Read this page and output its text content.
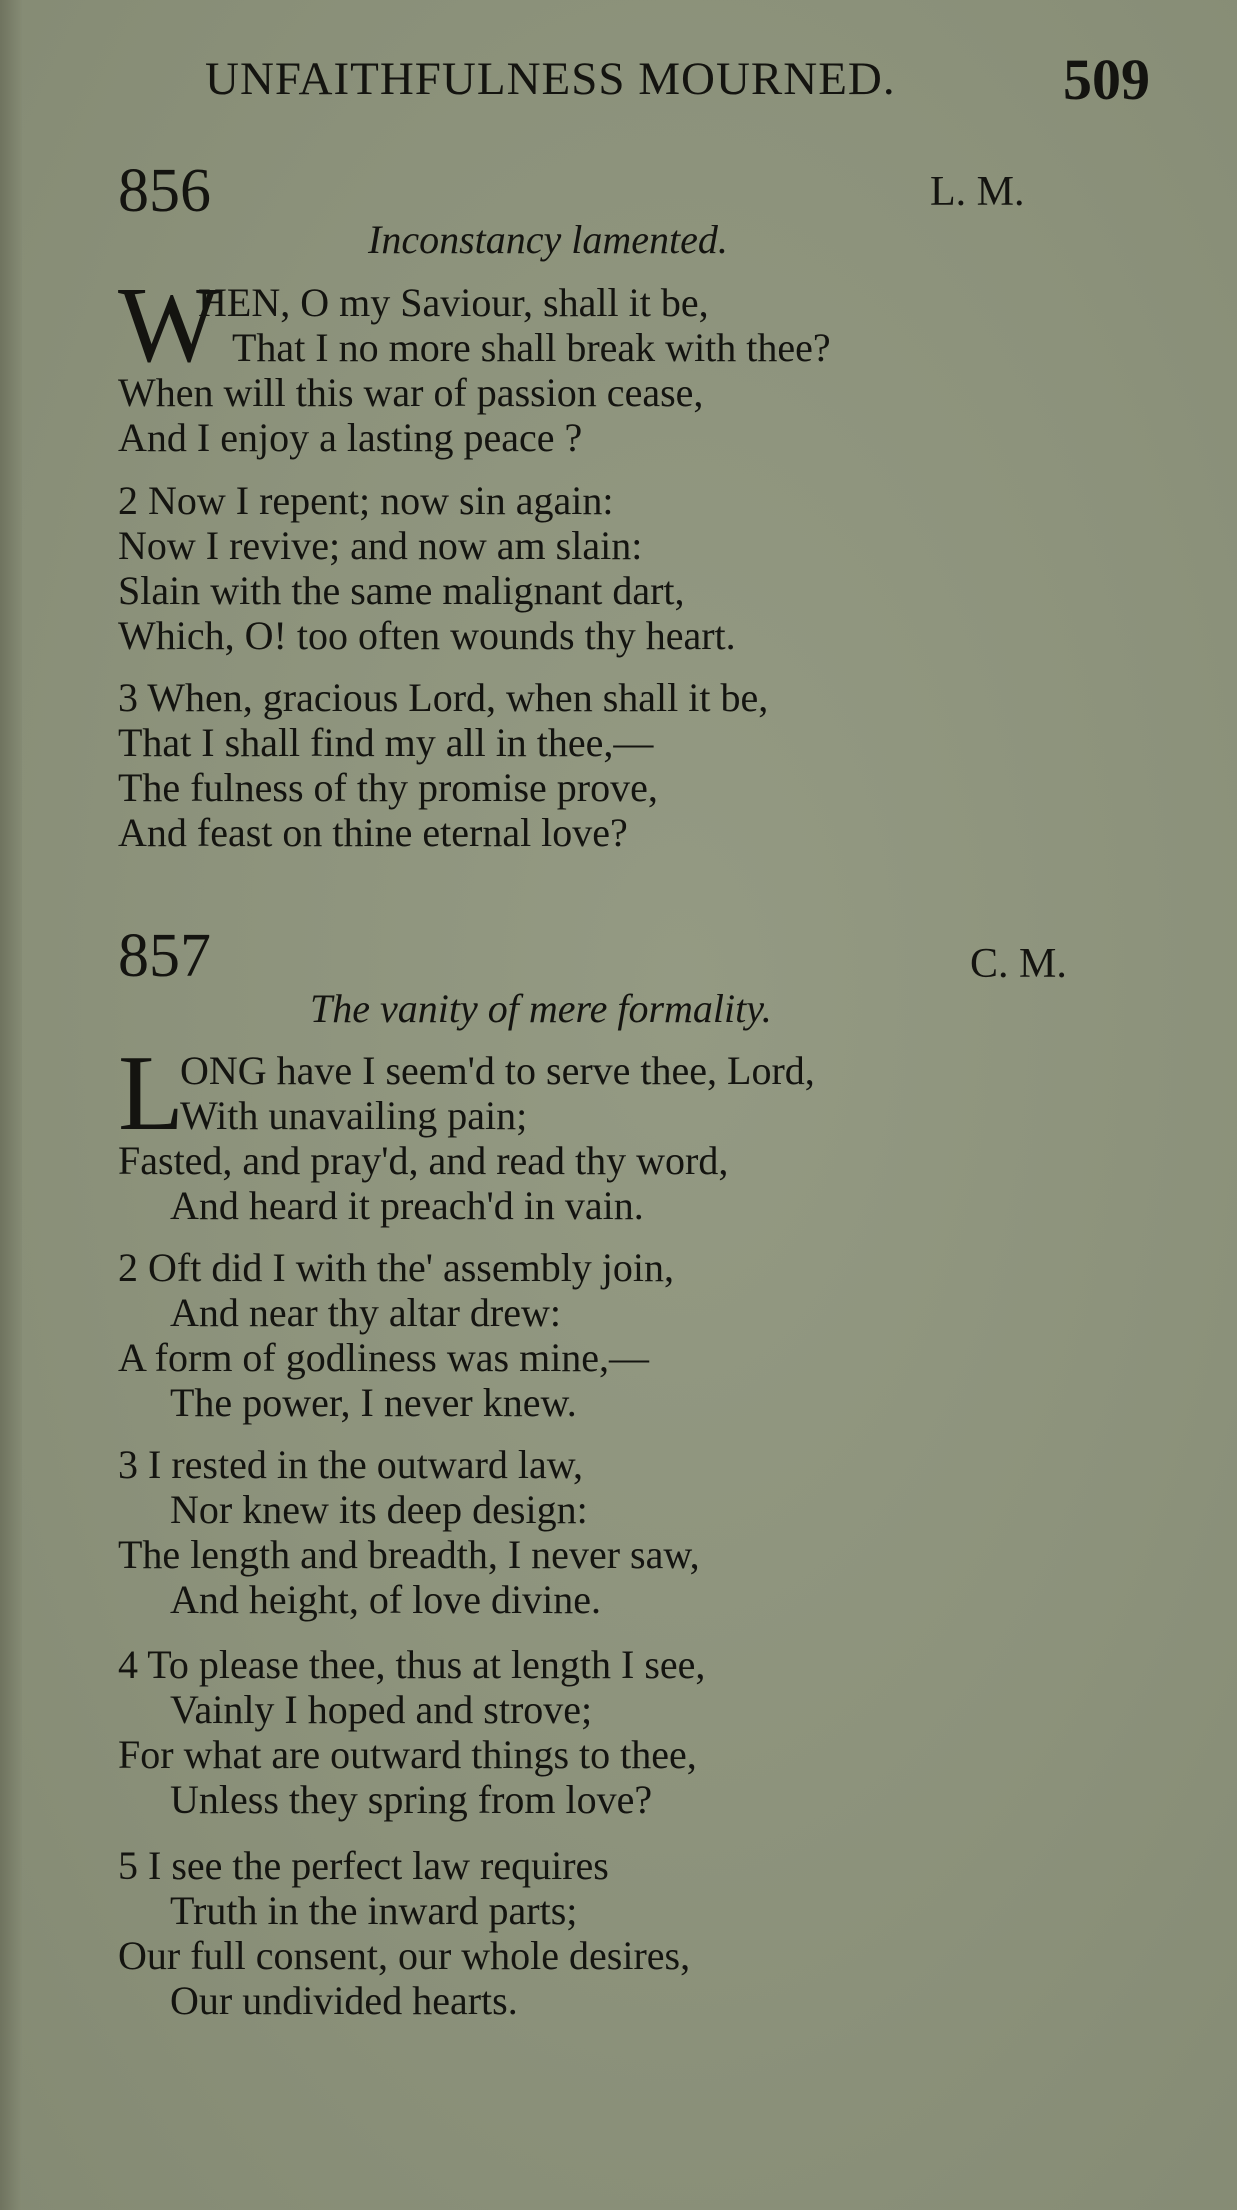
UNFAITHFULNESS MOURNED.	509
856	L. M.
Inconstancy lamented.
W
HEN, O my Saviour, shall it be,
That I no more shall break with thee?
When will this war of passion cease,
And I enjoy a lasting peace ?
2 Now I repent; now sin again:
Now I revive; and now am slain:
Slain with the same malignant dart,
Which, O! too often wounds thy heart.
3 When, gracious Lord, when shall it be,
That I shall find my all in thee,—
The fulness of thy promise prove,
And feast on thine eternal love?
857	C. M.
The vanity of mere formality.
L
ONG have I seem'd to serve thee, Lord,
With unavailing pain;
Fasted, and pray'd, and read thy word,
And heard it preach'd in vain.
2 Oft did I with the' assembly join,
And near thy altar drew:
A form of godliness was mine,—
The power, I never knew.
3 I rested in the outward law,
Nor knew its deep design:
The length and breadth, I never saw,
And height, of love divine.
4 To please thee, thus at length I see,
Vainly I hoped and strove;
For what are outward things to thee,
Unless they spring from love?
5 I see the perfect law requires
Truth in the inward parts;
Our full consent, our whole desires,
Our undivided hearts.
